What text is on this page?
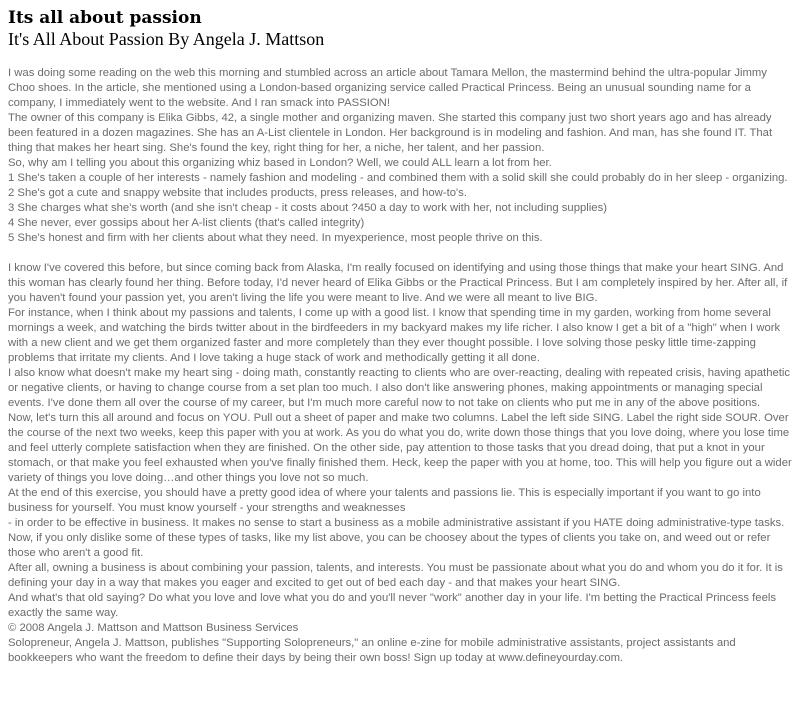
Its all about passion
It's All About Passion By Angela J. Mattson

I was doing some reading on the web this morning and stumbled across an article about Tamara Mellon, the mastermind behind the ultra-popular Jimmy Choo shoes. In the article, she mentioned using a London-based organizing service called Practical Princess. Being an unusual sounding name for a company, I immediately went to the website. And I ran smack into PASSION!

The owner of this company is Elika Gibbs, 42, a single mother and organizing maven. She started this company just two short years ago and has already been featured in a dozen magazines. She has an A-List clientele in London. Her background is in modeling and fashion. And man, has she found IT. That thing that makes her heart sing. She's found the key, right thing for her, a niche, her talent, and her passion.

So, why am I telling you about this organizing whiz based in London? Well, we could ALL learn a lot from her.

1 She's taken a couple of her interests - namely fashion and modeling - and combined them with a solid skill she could probably do in her sleep - organizing.

2 She's got a cute and snappy website that includes products, press releases, and how-to's.

3 She charges what she's worth (and she isn't cheap - it costs about ?450 a day to work with her, not including supplies)

4 She never, ever gossips about her A-list clients (that's called integrity)

5 She's honest and firm with her clients about what they need. In myexperience, most people thrive on this.

I know I've covered this before, but since coming back from Alaska, I'm really focused on identifying and using those things that make your heart SING. And this woman has clearly found her thing. Before today, I'd never heard of Elika Gibbs or the Practical Princess. But I am completely inspired by her. After all, if you haven't found your passion yet, you aren't living the life you were meant to live. And we were all meant to live BIG.

For instance, when I think about my passions and talents, I come up with a good list. I know that spending time in my garden, working from home several mornings a week, and watching the birds twitter about in the birdfeeders in my backyard makes my life richer. I also know I get a bit of a "high" when I work with a new client and we get them organized faster and more completely than they ever thought possible. I love solving those pesky little time-zapping problems that irritate my clients. And I love taking a huge stack of work and methodically getting it all done.

I also know what doesn't make my heart sing - doing math, constantly reacting to clients who are over-reacting, dealing with repeated crisis, having apathetic or negative clients, or having to change course from a set plan too much. I also don't like answering phones, making appointments or managing special events. I've done them all over the course of my career, but I'm much more careful now to not take on clients who put me in any of the above positions.

Now, let's turn this all around and focus on YOU. Pull out a sheet of paper and make two columns. Label the left side SING. Label the right side SOUR. Over the course of the next two weeks, keep this paper with you at work. As you do what you do, write down those things that you love doing, where you lose time and feel utterly complete satisfaction when they are finished. On the other side, pay attention to those tasks that you dread doing, that put a knot in your stomach, or that make you feel exhausted when you've finally finished them. Heck, keep the paper with you at home, too. This will help you figure out a wider variety of things you love doing…and other things you love not so much.

At the end of this exercise, you should have a pretty good idea of where your talents and passions lie. This is especially important if you want to go into business for yourself. You must know yourself - your strengths and weaknesses

- in order to be effective in business. It makes no sense to start a business as a mobile administrative assistant if you HATE doing administrative-type tasks. Now, if you only dislike some of these types of tasks, like my list above, you can be choosey about the types of clients you take on, and weed out or refer those who aren't a good fit.

After all, owning a business is about combining your passion, talents, and interests. You must be passionate about what you do and whom you do it for. It is defining your day in a way that makes you eager and excited to get out of bed each day - and that makes your heart SING.

And what's that old saying? Do what you love and love what you do and you'll never "work" another day in your life. I'm betting the Practical Princess feels exactly the same way.

© 2008 Angela J. Mattson and Mattson Business Services

Solopreneur, Angela J. Mattson, publishes "Supporting Solopreneurs," an online e-zine for mobile administrative assistants, project assistants and bookkeepers who want the freedom to define their days by being their own boss! Sign up today at www.defineyourday.com.
